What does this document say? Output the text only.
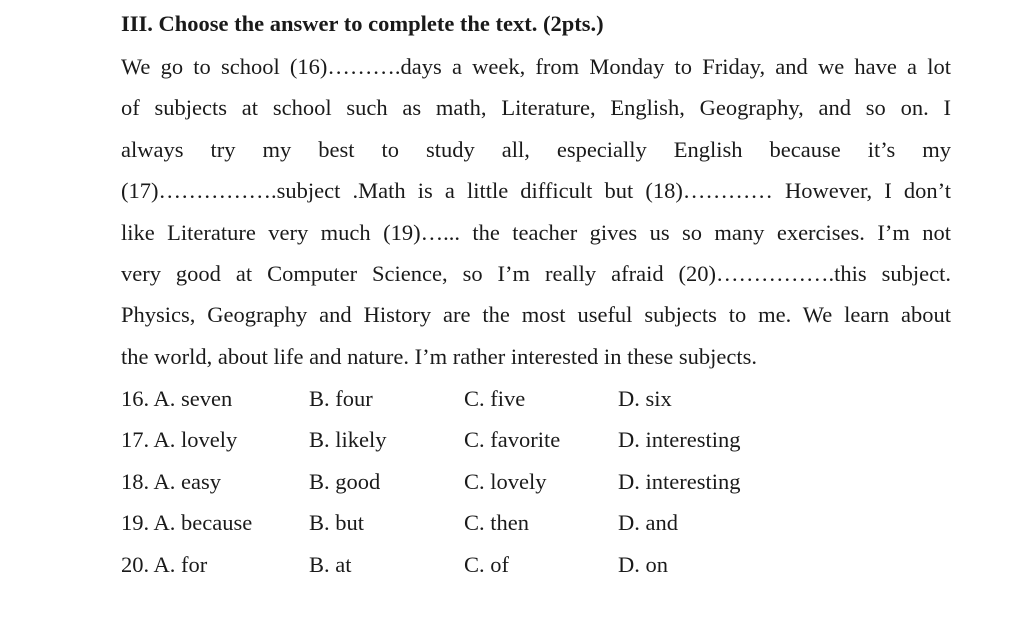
III. Choose the answer to complete the text. (2pts.)
We go to school (16)……….days a week, from Monday to Friday, and we have a lot
of subjects at school such as math, Literature, English, Geography, and so on. I
always try my best to study all, especially English because it’s my
(17)…………….subject .Math is a little difficult but (18)………… However, I don’t
like Literature very much (19)…... the teacher gives us so many exercises. I’m not
very good at Computer Science, so I’m really afraid (20)…………….this subject.
Physics, Geography and History are the most useful subjects to me. We learn about
the world, about life and nature. I’m rather interested in these subjects.
16. A. seven	B. four	C. five	D. six
17. A. lovely	B. likely	C. favorite	D. interesting
18. A. easy	B. good	C. lovely	D. interesting
19. A. because	B. but	C. then	D. and
20. A. for	B. at	C. of	D. on
